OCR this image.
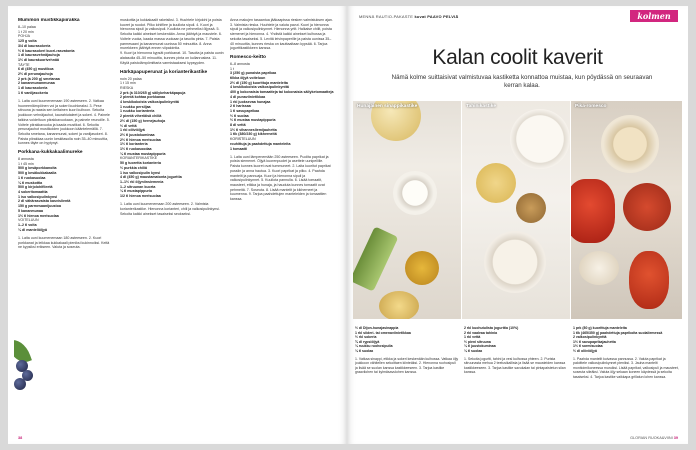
Mummon mustikkapiirakka
8–10 palaa
1 t 20 min
POHJA
125 g voita
3/4 dl kaurasokeria
½ tl kaurasokeri kuori-rasvatonta
1 dl kaurasvehnäjauhoja
1½ dl kaurakuorivehnää
TÄYTE
6 dl (450 g) mustikoa
2½ dl perunajauhoja
2 prk (á 200 g) smetanaa
2 kananmunanmunaa
1 dl kaurasokeria
1 tl vaniljasokeria

1. Laita uuni kuumenemaan 190 asteeseen. 2. Vatkaa huoneenlämpöinen voi ja sokeri kuohkeaksi. 3. Pese sitruuna ja raasta sen keltainen kuori kulhoon. Sekoita joukkoon vehnäjauhot, kaurahiutaleet ja sokeri. 4. Painele taikina voideltuun piirakkavuokaan, ja painele reunoille. 5. Voitele piirakkavuoka ja kaada mustikat. 6. Sekoita perunajauhot mustikoiden joukkoon kääntelemällä. 7. Sekoita smetana, kananmunat, sokeri ja vaniljasokeri. 8. Paista piirakkaa uunin keskitasolla noin 35–40 minuuttia, kunnes täyte on hyytynyt.

Porkkana-kukkakaalimureke
8 annosta
1 t 45 min
500 g kesäporkkanoita
500 g kesäkukkakaalia
1 tl ruokasuolaa
¼ tl muskottia
500 g kirjolohifileetä
4 sokeritomaattia
1 iso valkosipulinkynsi
2 dl vähärasvaista kasvislientä
150 g parmesaanijuustoa
5 kananmunaa
1½ tl hienoa merisuolaa
VOITELUUN
1–2 tl voita
¼ dl manteliöljyä

1. Laita uuni kuumenemaan 180 asteeseen. 2. Kuori porkkanat ja leikkaa kukkakaali pieniksi kukinnoiksi. Keitä ne kypsiksi erikseen. Valuta ja soseuta.

muskottia ja kukkakaalit rakeisiksi. 3. Huuhtele kirjolohi ja poista kuoret ja ruodot. Pilko lohifilee ja kuullota sipuli. 4. Kuori ja hienonna sipuli ja valkosipuli. Kuullota ne pehmeiksi öljyssä. 5. Sekoita kaikki ainekset keskenään. Anna jäähtyä ja maustele. 6. Voitele vuoka, kaada massa vuokaan ja tasoita pinta. 7. Paista parmesaani ja kananmunat uunissa 50 minuuttia. 8. Anna murekkeen jäähtyä ennen viipalointia.

9. Kuori ja hienonna kypsät porkkanat. 10. Tasoita ja paista uunin alatasolla 45–50 minuuttia, kunnes pinta on kullanruskea. 11. Käytä paistolämpömittaria varmistaaksesi kypsyyden.

Härkäpapuperunat ja korianterikastike
noin 20 palaa
1 t 15 min
RIESKA
2 prk (á 310/265 g) säilykeharkäpapuja
2 pientä kohtaa porkkanaa
4 keskikokoista valkosipulinkynttä
1 ruukku persiljaa
1 ruukku korianteria
2 pientä viheriäisä chiliä
2½ dl (150 g) hernejauhoja
½ dl vettä
1 rkl oliiviöljyä
2½ tl juustokuminaa
2½ tl hienoa merisuolaa
1½ tl korianteria
1½ tl ruokasoodaa
¼ tl mustaa mustapippuria
KORIANTERIKASTIKE
50 g tuoretta korianteria
½ purkkia chiliä
1 iso valkosipulin kynsi
4 dl (450 g) maustamatonta jogurttia
1–1½ rkl öljyniinsiemenia
1–2 sitruunan kuorta
¼ tl mustapippuria
1/2 tl hienoa merisuolaa

1. Laita uuni kuumenemaan 200 asteeseen. 2. Valmista korianterikastike. Hienonna korianteri, chili ja valkosipulinkynsi. Sekoita kaikki ainekset tasaiseksi seokseksi.

Anna makujen tasaantua jääkaapissa riesken valmistuksen ajan. 3. Valmista rieska. Huuhtele ja valuta pavut. Kuori ja hienonna sipuli ja valkosipulinkynnet. Hienonna yrtit. Halkaise chilit, poista siemenet ja hienonna. 4. Yhdistä kaikki ainekset kulhossa ja sekoita tasaiseksi. 5. Levitä leivinpaperille ja paista uunissa 35–40 minuuttia, kunnes rieska on kauttaaltaan kypsää. 6. Tarjoa jogurttikastikkeen kanssa.

Romesco-keitto
6–8 annosta
1 t
3 (250 g) punaista paprikaa
tilkka öljyä voiteluun
2½ dl (150 g) kuorittuja manteleita
4 keskikokoista valkosipulinkynttä
400 g kokonaisia tomaatteja tai kokonaisia säilyketomaatteja
4 dl punaviinietikkaa
1 rkl juoksevaa hunajaa
2 tl harissaa
1 tl savupaprikaa
½ tl suolaa
½ tl mustaa mustapippuria
8 dl vettä
1½ tl vihannesliemijauhetta
1 tlk (380/230 g) kikherneitä
KORISTELUUN
rouhittuja ja paahdettuja manteleita
1 tomaatti

1. Laita uuni lämpenemään 250 asteeseen. Puolita paprikat ja poista siemenet. Öljyä kuorenpuolet ja asettele uunipellille. Paista kunnes kuoret ovat tummuneet. 2. Laita kuoritut paprikat pussiin ja anna hautua. 3. Kuori paprikat ja pilko. 4. Paahda mantelit ja pannuaja. Kuori ja hienonna sipuli ja valkosipulinkynnet. 5. Kuullota pannulla. 6. Lisää tomaatit, mausteet, etikka ja hunaja, ja hauduta kunnes tomaatit ovat pehmeitä. 7. Soseuta. 8. Lisää mantelit ja kikherneet ja kuumenna. 9. Tarjoa paahdettujen manteleiden ja tomaattien kanssa.

38
MENNÄ RAUTIO-PAKASTE kuvat PAAVO PELVIÄ	kolmen suora
Kalan coolit kaverit
Nämä kolme suittaisivat valmistuvaa kastiketta konnattoa muistaa, kun pöydässä on seuraavan kerran kalaa.
Hunajainen sinappikastike	Tahinikastike	Pika-romesco
½ dl Dijon-hunajasinappia
1 rkl siideri- tai omenaviinietikkaa
½ rkl sokeria
¾ dl rypsiöljyä
¼ ruukku ruohosipulia
¼ tl suolaa

1. Vatkaa sinappi, etikka ja sokeri keskenään kulhossa. Vatkaa öljy joukkoon vähitellen sekoittaen kiinteäksi. 2. Hienonna ruohosipuli ja lisää se suolan kanssa kastikkeeseen. 3. Tarjoa kastike graavilohen tai kylmäsavulohen kanssa.

2 rkl kuohutulista jogurttia (10%)
2 rkl vaaleaa tahinia
1 rkl vettä
½ pieni sitruuna
¼ tl juustokuminaa
¼ tl suolaa

1. Sekoita jogurtti, tahini ja vesi kulhossa yhteen. 2. Purista sitruunasta mehua 2 teelusikallista ja lisää se mausteiden kanssa kastikkeeseen. 3. Tarjoa kastike savukalan tai pintapaistetun siian kanssa.

1 prk (80 g) kuorittuja manteleita
1 tlk (465/350 g) paahdettuja paprikoita suolaliemessä
2 valkosipulinkynttä
1½ tl savupaprikajauhetta
1½ tl sormisuolaa
½ dl oliiviöljyä

1. Paahda mantelit kuivassa pannussa. 2. Valuta paprikat ja paloittele valkosipulinkynnet pieniksi. 3. Jauha mantelit monitoimikoneessa muruiksi. Lisää paprikat, valkosipuli ja mausteet, soseuta sileäksi. Valuta öljy sekaan koneen käydessä ja sekoita tasaiseksi. 4. Tarjoa kastike vaikkapa grillatun lohen kanssa.

GLORIAN RUOKA&VIINI 39
